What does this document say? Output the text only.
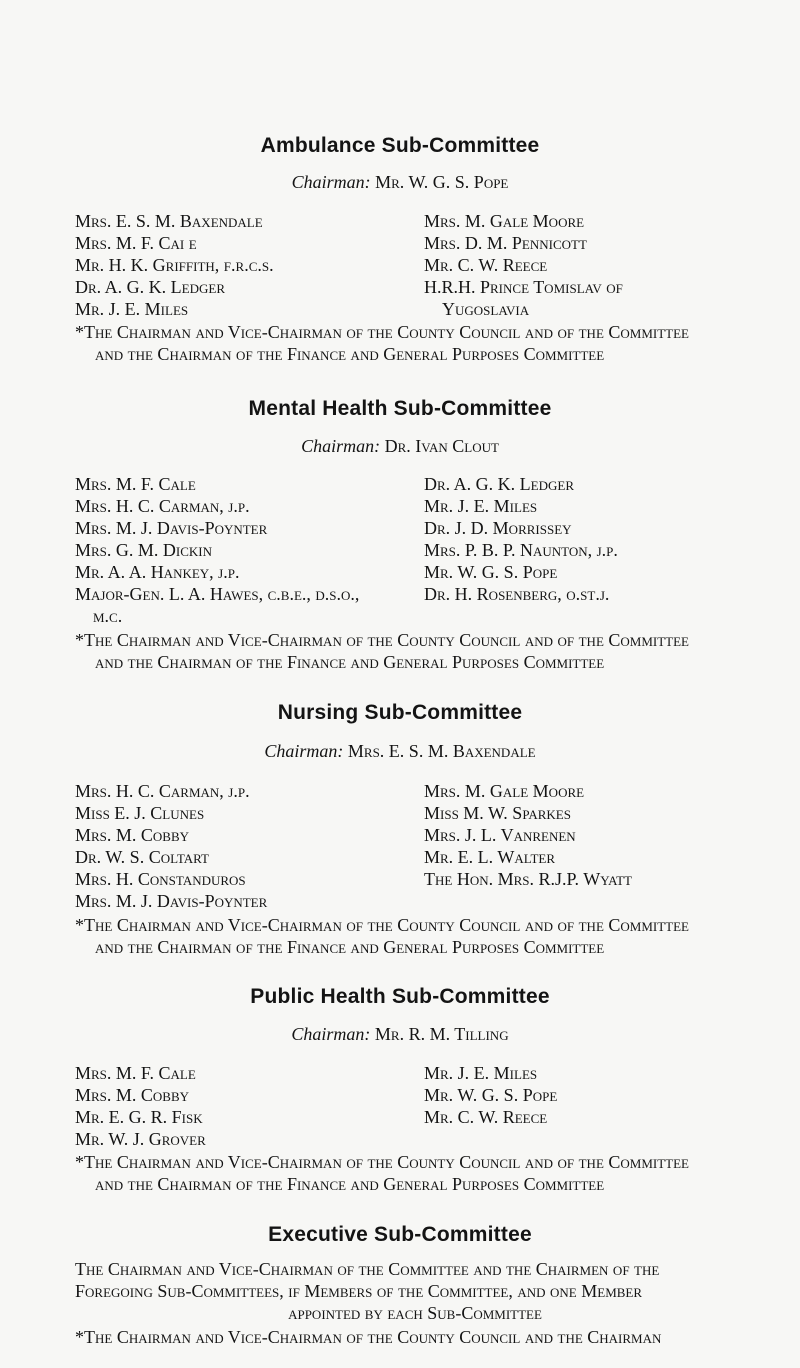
Ambulance Sub-Committee
Chairman: Mr. W. G. S. Pope
Mrs. E. S. M. Baxendale
Mrs. M. F. Cai e
Mr. H. K. Griffith, f.r.c.s.
Dr. A. G. K. Ledger
Mr. J. E. Miles
Mrs. M. Gale Moore
Mrs. D. M. Pennicott
Mr. C. W. Reece
H.R.H. Prince Tomislav of
Yugoslavia
*The Chairman and Vice-Chairman of the County Council and of the Committee
and the Chairman of the Finance and General Purposes Committee
Mental Health Sub-Committee
Chairman: Dr. Ivan Clout
Mrs. M. F. Cale
Mrs. H. C. Carman, j.p.
Mrs. M. J. Davis-Poynter
Mrs. G. M. Dickin
Mr. A. A. Hankey, j.p.
Major-Gen. L. A. Hawes, c.b.e., d.s.o.,
m.c.
Dr. A. G. K. Ledger
Mr. J. E. Miles
Dr. J. D. Morrissey
Mrs. P. B. P. Naunton, j.p.
Mr. W. G. S. Pope
Dr. H. Rosenberg, o.st.j.
*The Chairman and Vice-Chairman of the County Council and of the Committee
and the Chairman of the Finance and General Purposes Committee
Nursing Sub-Committee
Chairman: Mrs. E. S. M. Baxendale
Mrs. H. C. Carman, j.p.
Miss E. J. Clunes
Mrs. M. Cobby
Dr. W. S. Coltart
Mrs. H. Constanduros
Mrs. M. J. Davis-Poynter
Mrs. M. Gale Moore
Miss M. W. Sparkes
Mrs. J. L. Vanrenen
Mr. E. L. Walter
The Hon. Mrs. R.J.P. Wyatt
*The Chairman and Vice-Chairman of the County Council and of the Committee
and the Chairman of the Finance and General Purposes Committee
Public Health Sub-Committee
Chairman: Mr. R. M. Tilling
Mrs. M. F. Cale
Mrs. M. Cobby
Mr. E. G. R. Fisk
Mr. W. J. Grover
Mr. J. E. Miles
Mr. W. G. S. Pope
Mr. C. W. Reece
*The Chairman and Vice-Chairman of the County Council and of the Committee
and the Chairman of the Finance and General Purposes Committee
Executive Sub-Committee
The Chairman and Vice-Chairman of the Committee and the Chairmen of the
Foregoing Sub-Committees, if Members of the Committee, and one Member
appointed by each Sub-Committee
*The Chairman and Vice-Chairman of the County Council and the Chairman
